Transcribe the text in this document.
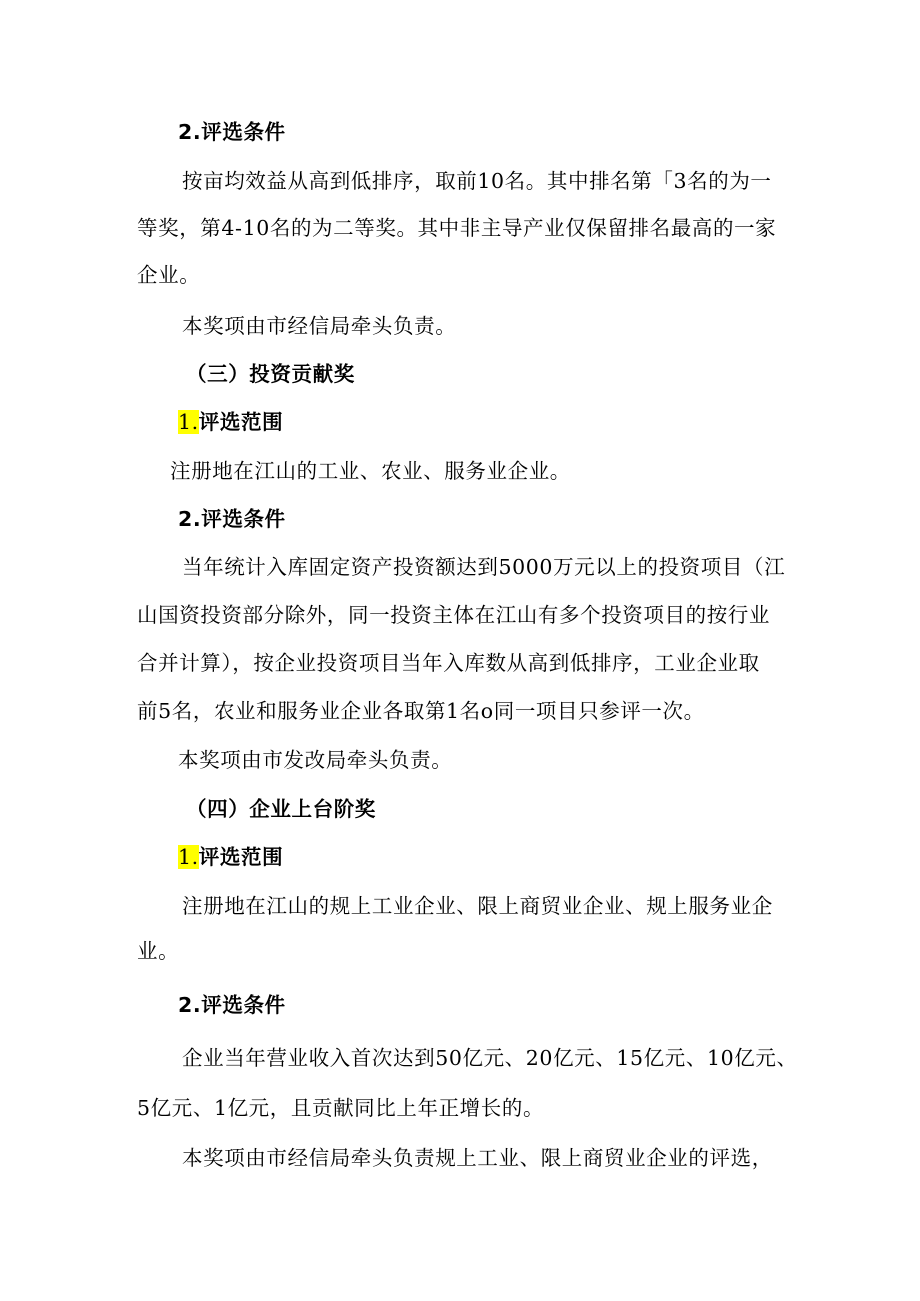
2.评选条件
按亩均效益从高到低排序，取前10名。其中排名第「3名的为一
等奖，第4-10名的为二等奖。其中非主导产业仅保留排名最高的一家
企业。
本奖项由市经信局牵头负责。
（三）投资贡献奖
1.评选范围
注册地在江山的工业、农业、服务业企业。
2.评选条件
当年统计入库固定资产投资额达到5000万元以上的投资项目（江
山国资投资部分除外，同一投资主体在江山有多个投资项目的按行业
合并计算），按企业投资项目当年入库数从高到低排序，工业企业取
前5名，农业和服务业企业各取第1名o同一项目只参评一次。
本奖项由市发改局牵头负责。
（四）企业上台阶奖
1.评选范围
注册地在江山的规上工业企业、限上商贸业企业、规上服务业企
业。
2.评选条件
企业当年营业收入首次达到50亿元、20亿元、15亿元、10亿元、
5亿元、1亿元，且贡献同比上年正增长的。
本奖项由市经信局牵头负责规上工业、限上商贸业企业的评选，
